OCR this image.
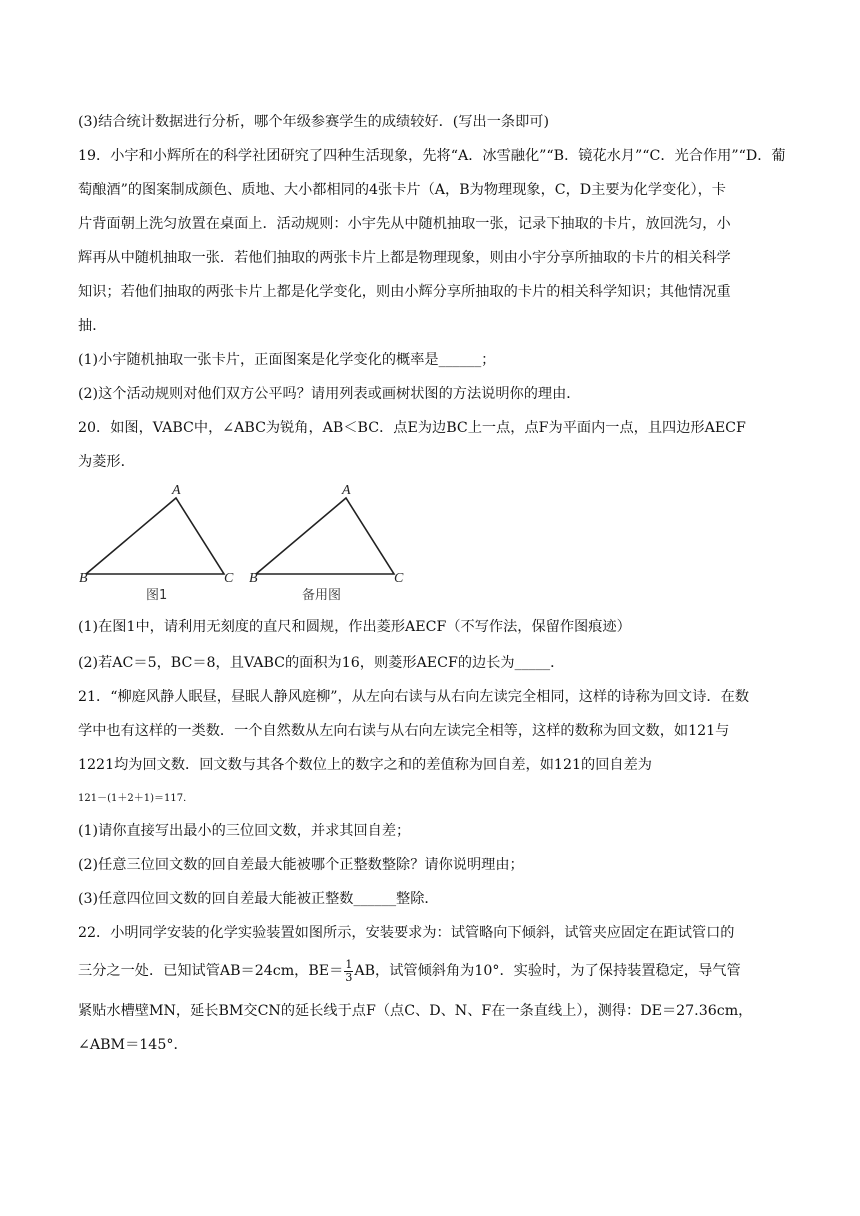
(3)结合统计数据进行分析，哪个年级参赛学生的成绩较好．(写出一条即可)
19．小宇和小辉所在的科学社团研究了四种生活现象，先将“A．冰雪融化”“B．镜花水月”“C．光合作用”“D．葡
萄酿酒”的图案制成颜色、质地、大小都相同的4张卡片（A，B为物理现象，C，D主要为化学变化），卡
片背面朝上洗匀放置在桌面上．活动规则：小宇先从中随机抽取一张，记录下抽取的卡片，放回洗匀，小
辉再从中随机抽取一张．若他们抽取的两张卡片上都是物理现象，则由小宇分享所抽取的卡片的相关科学
知识；若他们抽取的两张卡片上都是化学变化，则由小辉分享所抽取的卡片的相关科学知识；其他情况重
抽．
(1)小宇随机抽取一张卡片，正面图案是化学变化的概率是______；
(2)这个活动规则对他们双方公平吗？请用列表或画树状图的方法说明你的理由．
20．如图，VABC中，∠ABC为锐角，AB＜BC．点E为边BC上一点，点F为平面内一点，且四边形AECF
为菱形．
A
B	C
图1
A
B	C
备用图
(1)在图1中，请利用无刻度的直尺和圆规，作出菱形AECF（不写作法，保留作图痕迹）
(2)若AC＝5，BC＝8，且VABC的面积为16，则菱形AECF的边长为_____．
21．“柳庭风静人眠昼，昼眠人静风庭柳”，从左向右读与从右向左读完全相同，这样的诗称为回文诗．在数
学中也有这样的一类数．一个自然数从左向右读与从右向左读完全相等，这样的数称为回文数，如121与
1221均为回文数．回文数与其各个数位上的数字之和的差值称为回自差，如121的回自差为
121－(1＋2＋1)＝117．
(1)请你直接写出最小的三位回文数，并求其回自差；
(2)任意三位回文数的回自差最大能被哪个正整数整除？请你说明理由；
(3)任意四位回文数的回自差最大能被正整数______整除．
22．小明同学安装的化学实验装置如图所示，安装要求为：试管略向下倾斜，试管夹应固定在距试管口的
三分之一处．已知试管AB＝24cm，$BE= \frac{1}{3}$ AB，试管倾斜角为10°．实验时，为了保持装置稳定，导气管
紧贴水槽壁MN，延长BM交CN的延长线于点F（点C、D、N、F在一条直线上），测得：DE＝27.36cm，
∠ABM＝145°．
